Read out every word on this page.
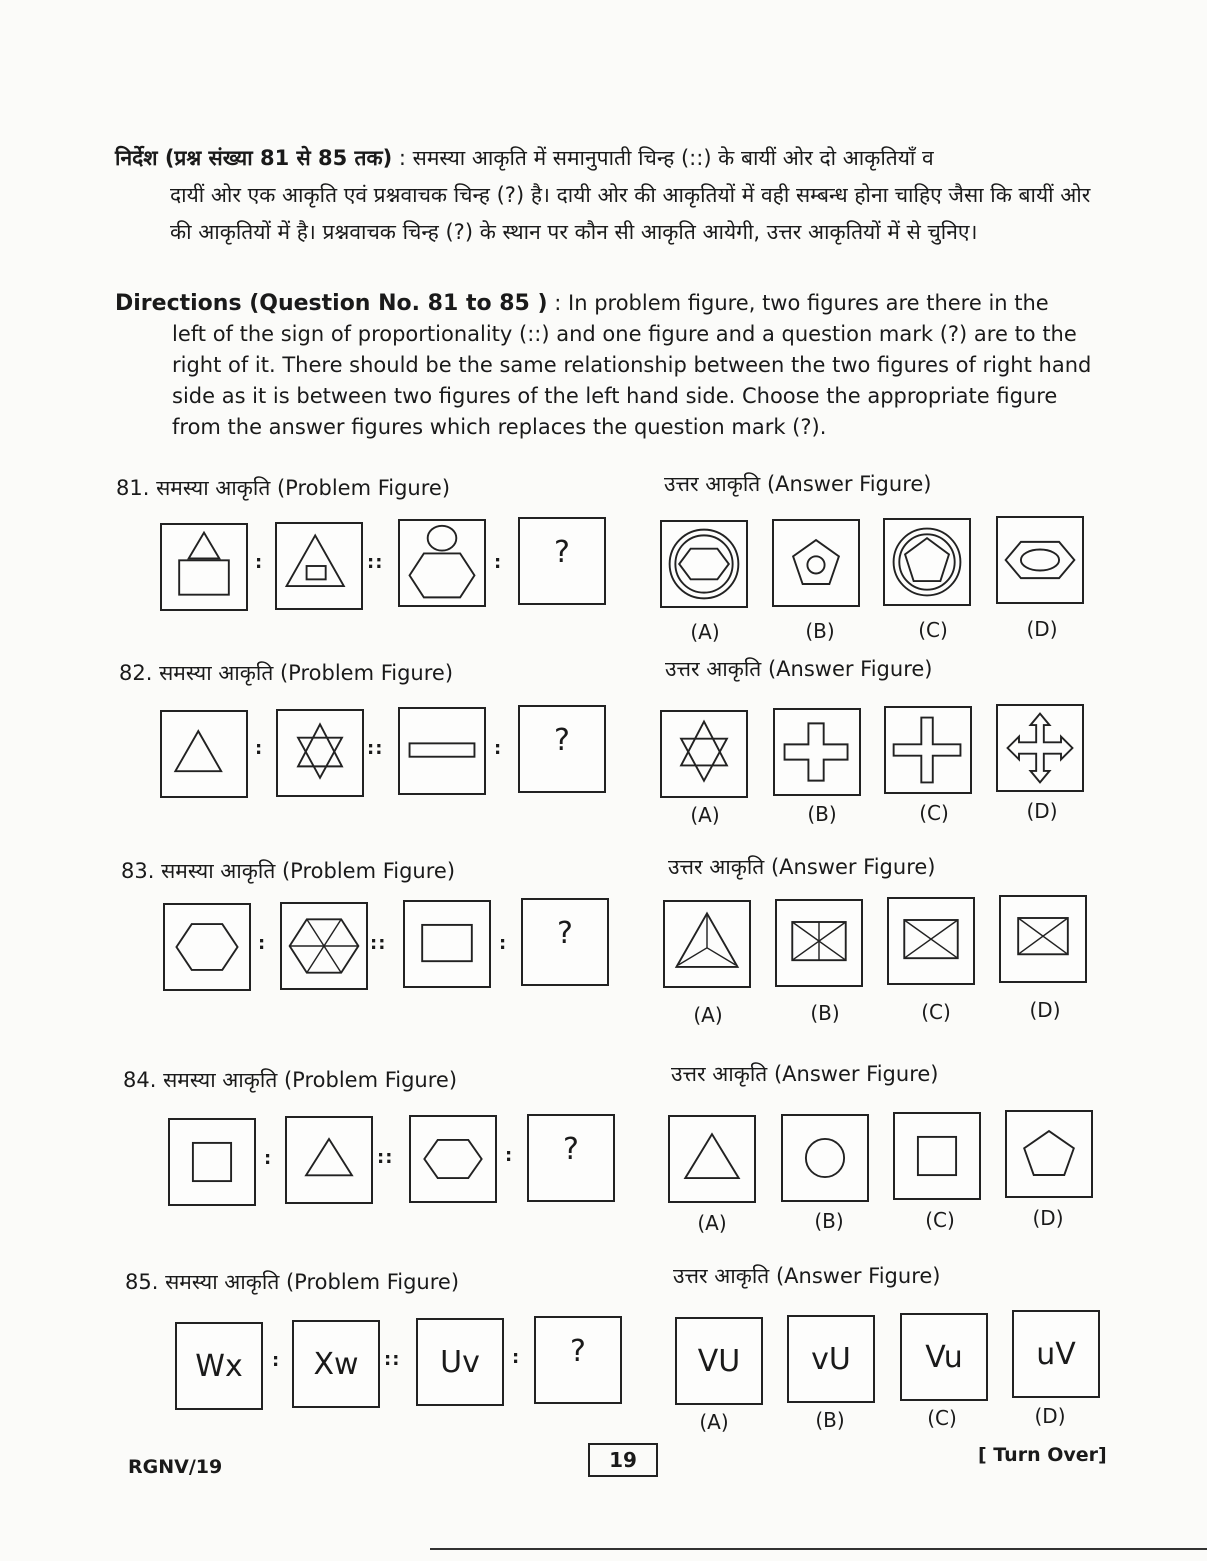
निर्देश (प्रश्न संख्या 81 से 85 तक) : समस्या आकृति में समानुपाती चिन्ह (::) के बायीं ओर दो आकृतियाँ व
दायीं ओर एक आकृति एवं प्रश्नवाचक चिन्ह (?) है। दायी ओर की आकृतियों में वही सम्बन्ध होना चाहिए जैसा कि बायीं ओर की आकृतियों में है। प्रश्नवाचक चिन्ह (?) के स्थान पर कौन सी आकृति आयेगी, उत्तर आकृतियों में से चुनिए।
Directions (Question No. 81 to 85 ) : In problem figure, two figures are there in the
left of the sign of proportionality (::) and one figure and a question mark (?) are to the right of it. There should be the same relationship between the two figures of right hand side as it is between two figures of the left hand side. Choose the appropriate figure from the answer figures which replaces the question mark (?).
81. समस्या आकृति (Problem Figure)	उत्तर आकृति (Answer Figure)
:	::	:	?
(A)	(B)	(C)	(D)
82. समस्या आकृति (Problem Figure)	उत्तर आकृति (Answer Figure)
:	::	:	?
(A)	(B)	(C)	(D)
83. समस्या आकृति (Problem Figure)	उत्तर आकृति (Answer Figure)
:	::	:	?
(A)	(B)	(C)	(D)
84. समस्या आकृति (Problem Figure)	उत्तर आकृति (Answer Figure)
:	::	:	?
(A)	(B)	(C)	(D)
85. समस्या आकृति (Problem Figure)	उत्तर आकृति (Answer Figure)
Wx	:	Xw	::	Uv	:	?	VU	vU	Vu	uV
(A)	(B)	(C)	(D)
RGNV/19	19	[ Turn Over]
